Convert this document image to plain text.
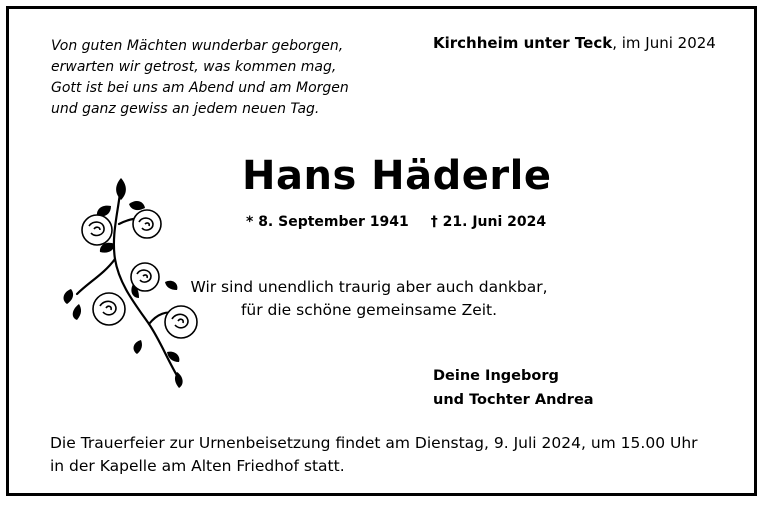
Von guten Mächten wunderbar geborgen,
erwarten wir getrost, was kommen mag,
Gott ist bei uns am Abend und am Morgen
und ganz gewiss an jedem neuen Tag.
Kirchheim unter Teck, im Juni 2024
Hans Häderle
* 8. September 1941 † 21. Juni 2024
Wir sind unendlich traurig aber auch dankbar,
für die schöne gemeinsame Zeit.
Deine Ingeborg
und Tochter Andrea
Die Trauerfeier zur Urnenbeisetzung findet am Dienstag, 9. Juli 2024, um 15.00 Uhr
in der Kapelle am Alten Friedhof statt.
